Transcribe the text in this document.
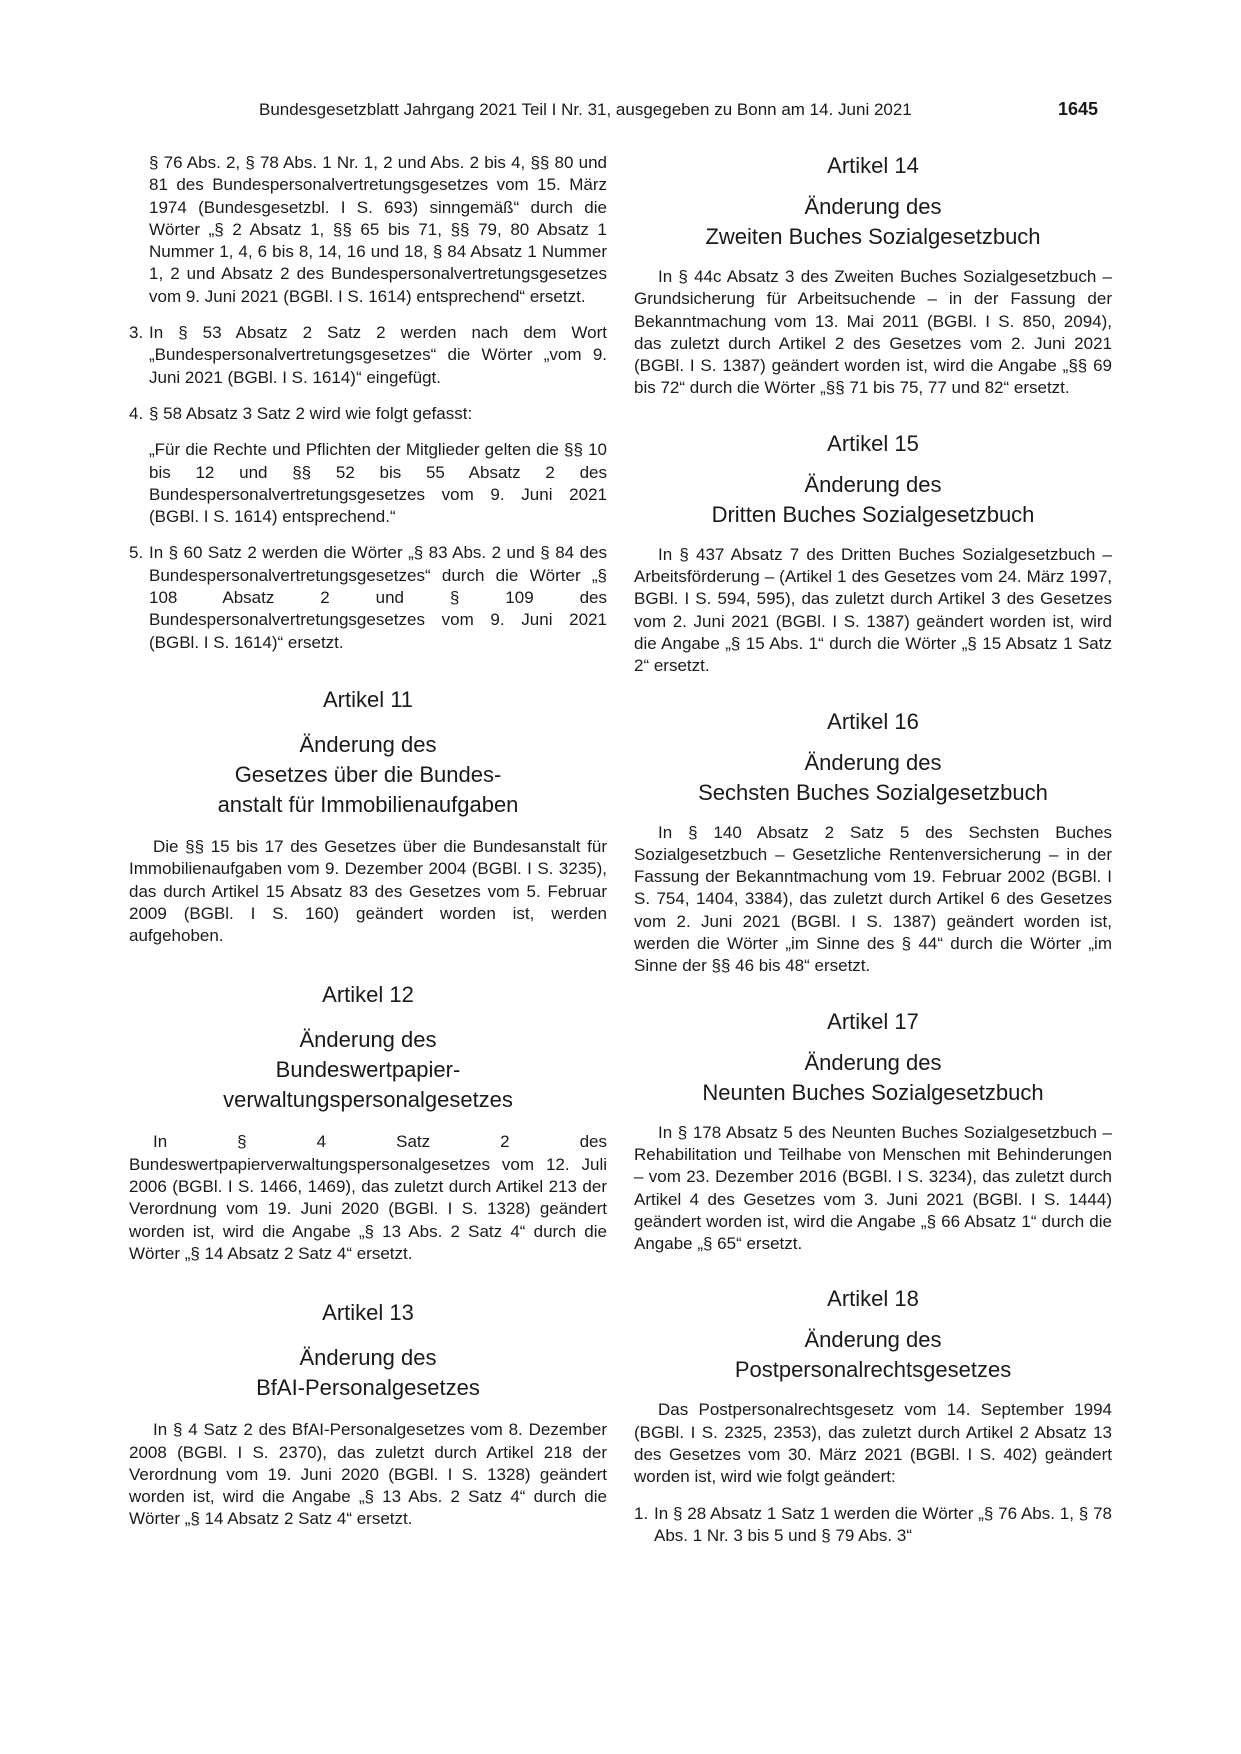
Bundesgesetzblatt Jahrgang 2021 Teil I Nr. 31, ausgegeben zu Bonn am 14. Juni 2021	1645

§ 76 Abs. 2, § 78 Abs. 1 Nr. 1, 2 und Abs. 2 bis 4, §§ 80 und 81 des Bundespersonalvertretungsgesetzes vom 15. März 1974 (Bundesgesetzbl. I S. 693) sinngemäß“ durch die Wörter „§ 2 Absatz 1, §§ 65 bis 71, §§ 79, 80 Absatz 1 Nummer 1, 4, 6 bis 8, 14, 16 und 18, § 84 Absatz 1 Nummer 1, 2 und Absatz 2 des Bundespersonalvertretungsgesetzes vom 9. Juni 2021 (BGBl. I S. 1614) entsprechend“ ersetzt.

3. In § 53 Absatz 2 Satz 2 werden nach dem Wort „Bundespersonalvertretungsgesetzes“ die Wörter „vom 9. Juni 2021 (BGBl. I S. 1614)“ eingefügt.
4. § 58 Absatz 3 Satz 2 wird wie folgt gefasst:

„Für die Rechte und Pflichten der Mitglieder gelten die §§ 10 bis 12 und §§ 52 bis 55 Absatz 2 des Bundespersonalvertretungsgesetzes vom 9. Juni 2021 (BGBl. I S. 1614) entsprechend.“

5. In § 60 Satz 2 werden die Wörter „§ 83 Abs. 2 und § 84 des Bundespersonalvertretungsgesetzes“ durch die Wörter „§ 108 Absatz 2 und § 109 des Bundespersonalvertretungsgesetzes vom 9. Juni 2021 (BGBl. I S. 1614)“ ersetzt.
Artikel 11
Änderung des
Gesetzes über die Bundes-
anstalt für Immobilienaufgaben

Die §§ 15 bis 17 des Gesetzes über die Bundesanstalt für Immobilienaufgaben vom 9. Dezember 2004 (BGBl. I S. 3235), das durch Artikel 15 Absatz 83 des Gesetzes vom 5. Februar 2009 (BGBl. I S. 160) geändert worden ist, werden aufgehoben.

Artikel 12
Änderung des
Bundeswertpapier-
verwaltungspersonalgesetzes

In § 4 Satz 2 des Bundeswertpapierverwaltungspersonalgesetzes vom 12. Juli 2006 (BGBl. I S. 1466, 1469), das zuletzt durch Artikel 213 der Verordnung vom 19. Juni 2020 (BGBl. I S. 1328) geändert worden ist, wird die Angabe „§ 13 Abs. 2 Satz 4“ durch die Wörter „§ 14 Absatz 2 Satz 4“ ersetzt.

Artikel 13
Änderung des
BfAI-Personalgesetzes

In § 4 Satz 2 des BfAI-Personalgesetzes vom 8. Dezember 2008 (BGBl. I S. 2370), das zuletzt durch Artikel 218 der Verordnung vom 19. Juni 2020 (BGBl. I S. 1328) geändert worden ist, wird die Angabe „§ 13 Abs. 2 Satz 4“ durch die Wörter „§ 14 Absatz 2 Satz 4“ ersetzt.

Artikel 14
Änderung des
Zweiten Buches Sozialgesetzbuch

In § 44c Absatz 3 des Zweiten Buches Sozialgesetzbuch – Grundsicherung für Arbeitsuchende – in der Fassung der Bekanntmachung vom 13. Mai 2011 (BGBl. I S. 850, 2094), das zuletzt durch Artikel 2 des Gesetzes vom 2. Juni 2021 (BGBl. I S. 1387) geändert worden ist, wird die Angabe „§§ 69 bis 72“ durch die Wörter „§§ 71 bis 75, 77 und 82“ ersetzt.

Artikel 15
Änderung des
Dritten Buches Sozialgesetzbuch

In § 437 Absatz 7 des Dritten Buches Sozialgesetzbuch – Arbeitsförderung – (Artikel 1 des Gesetzes vom 24. März 1997, BGBl. I S. 594, 595), das zuletzt durch Artikel 3 des Gesetzes vom 2. Juni 2021 (BGBl. I S. 1387) geändert worden ist, wird die Angabe „§ 15 Abs. 1“ durch die Wörter „§ 15 Absatz 1 Satz 2“ ersetzt.

Artikel 16
Änderung des
Sechsten Buches Sozialgesetzbuch

In § 140 Absatz 2 Satz 5 des Sechsten Buches Sozialgesetzbuch – Gesetzliche Rentenversicherung – in der Fassung der Bekanntmachung vom 19. Februar 2002 (BGBl. I S. 754, 1404, 3384), das zuletzt durch Artikel 6 des Gesetzes vom 2. Juni 2021 (BGBl. I S. 1387) geändert worden ist, werden die Wörter „im Sinne des § 44“ durch die Wörter „im Sinne der §§ 46 bis 48“ ersetzt.

Artikel 17
Änderung des
Neunten Buches Sozialgesetzbuch

In § 178 Absatz 5 des Neunten Buches Sozialgesetzbuch – Rehabilitation und Teilhabe von Menschen mit Behinderungen – vom 23. Dezember 2016 (BGBl. I S. 3234), das zuletzt durch Artikel 4 des Gesetzes vom 3. Juni 2021 (BGBl. I S. 1444) geändert worden ist, wird die Angabe „§ 66 Absatz 1“ durch die Angabe „§ 65“ ersetzt.

Artikel 18
Änderung des
Postpersonalrechtsgesetzes

Das Postpersonalrechtsgesetz vom 14. September 1994 (BGBl. I S. 2325, 2353), das zuletzt durch Artikel 2 Absatz 13 des Gesetzes vom 30. März 2021 (BGBl. I S. 402) geändert worden ist, wird wie folgt geändert:

1. In § 28 Absatz 1 Satz 1 werden die Wörter „§ 76 Abs. 1, § 78 Abs. 1 Nr. 3 bis 5 und § 79 Abs. 3“
